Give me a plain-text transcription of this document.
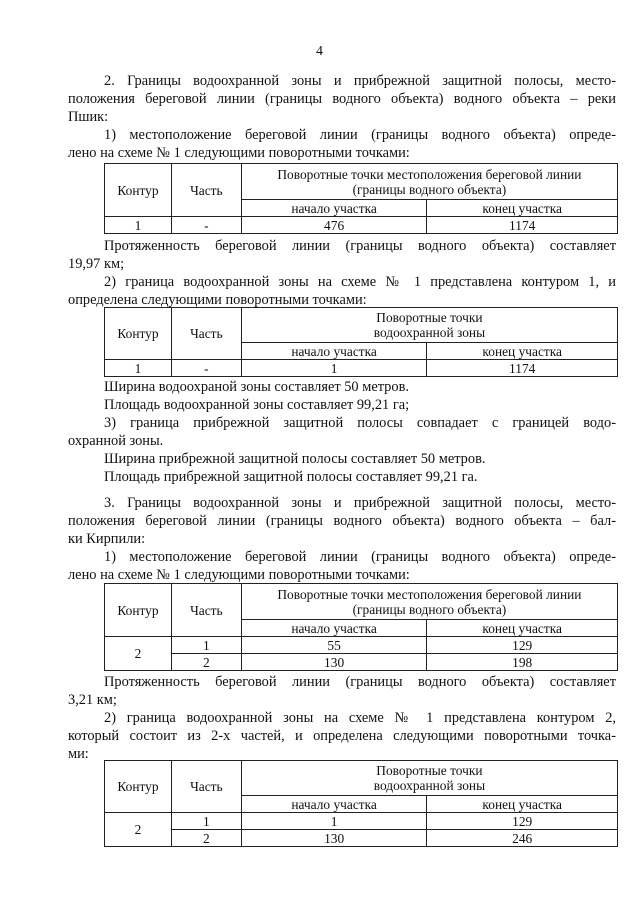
4

2. Границы водоохранной зоны и прибрежной защитной полосы, место-

положения береговой линии (границы водного объекта) водного объекта – реки

Пшик:

1) местоположение береговой линии (границы водного объекта) опреде-

лено на схеме № 1 следующими поворотными точками:

Контур	Часть	Поворотные точки местоположения береговой линии
(границы водного объекта)	
		начало участка	конец участка
1	-	476	1174

Протяженность береговой линии (границы водного объекта) составляет

19,97 км;

2) граница водоохранной зоны на схеме № 1 представлена контуром 1, и

определена следующими поворотными точками:

Контур	Часть	Поворотные точки
водоохранной зоны	
		начало участка	конец участка
1	-	1	1174

Ширина водоохраной зоны составляет 50 метров.

Площадь водоохранной зоны составляет 99,21 га;

3) граница прибрежной защитной полосы совпадает с границей водо-

охранной зоны.

Ширина прибрежной защитной полосы составляет 50 метров.

Площадь прибрежной защитной полосы составляет 99,21 га.

3. Границы водоохранной зоны и прибрежной защитной полосы, место-

положения береговой линии (границы водного объекта) водного объекта – бал-

ки Кирпили:

1) местоположение береговой линии (границы водного объекта) опреде-

лено на схеме № 1 следующими поворотными точками:

Контур	Часть	Поворотные точки местоположения береговой линии
(границы водного объекта)	
		начало участка	конец участка
2	1	55	129
	2	130	198

Протяженность береговой линии (границы водного объекта) составляет

3,21 км;

2) граница водоохранной зоны на схеме № 1 представлена контуром 2,

который состоит из 2-х частей, и определена следующими поворотными точка-

ми:

Контур	Часть	Поворотные точки
водоохранной зоны	
		начало участка	конец участка
2	1	1	129
	2	130	246
